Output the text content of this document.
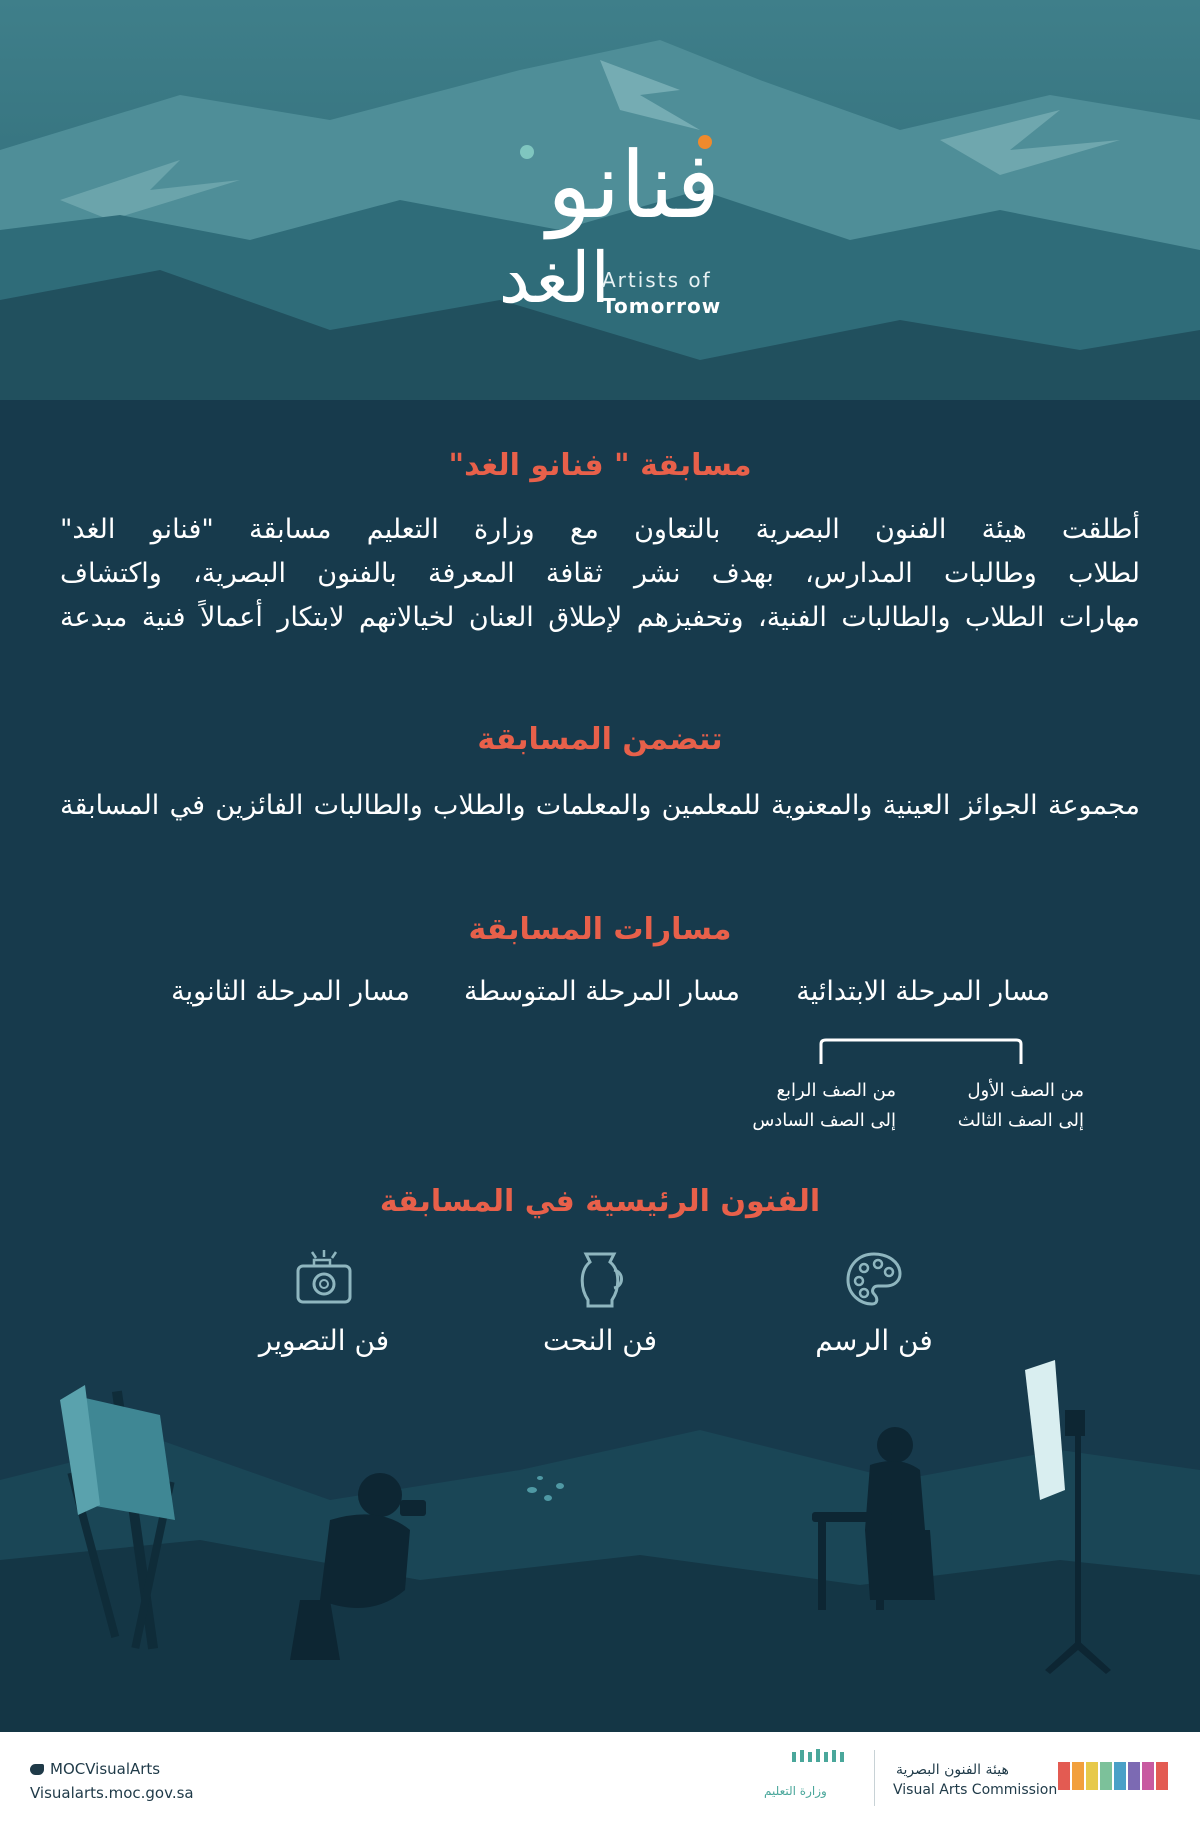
فنانو
الغد
Artists of
Tomorrow
مسابقة " فنانو الغد"
أطلقت هيئة الفنون البصرية بالتعاون مع وزارة التعليم مسابقة "فنانو الغد"
لطلاب وطالبات المدارس، بهدف نشر ثقافة المعرفة بالفنون البصرية، واكتشاف
مهارات الطلاب والطالبات الفنية، وتحفيزهم لإطلاق العنان لخيالاتهم لابتكار أعمالاً فنية مبدعة
تتضمن المسابقة
مجموعة الجوائز العينية والمعنوية للمعلمين والمعلمات والطلاب والطالبات الفائزين في المسابقة
مسارات المسابقة
مسار المرحلة الابتدائية
مسار المرحلة المتوسطة
مسار المرحلة الثانوية
من الصف الأول
إلى الصف الثالث
من الصف الرابع
إلى الصف السادس
الفنون الرئيسية في المسابقة
فن الرسم
فن النحت
فن التصوير
MOCVisualArts
Visualarts.moc.gov.sa	وزارة التعليم
هيئة الفنون البصرية
Visual Arts Commission
